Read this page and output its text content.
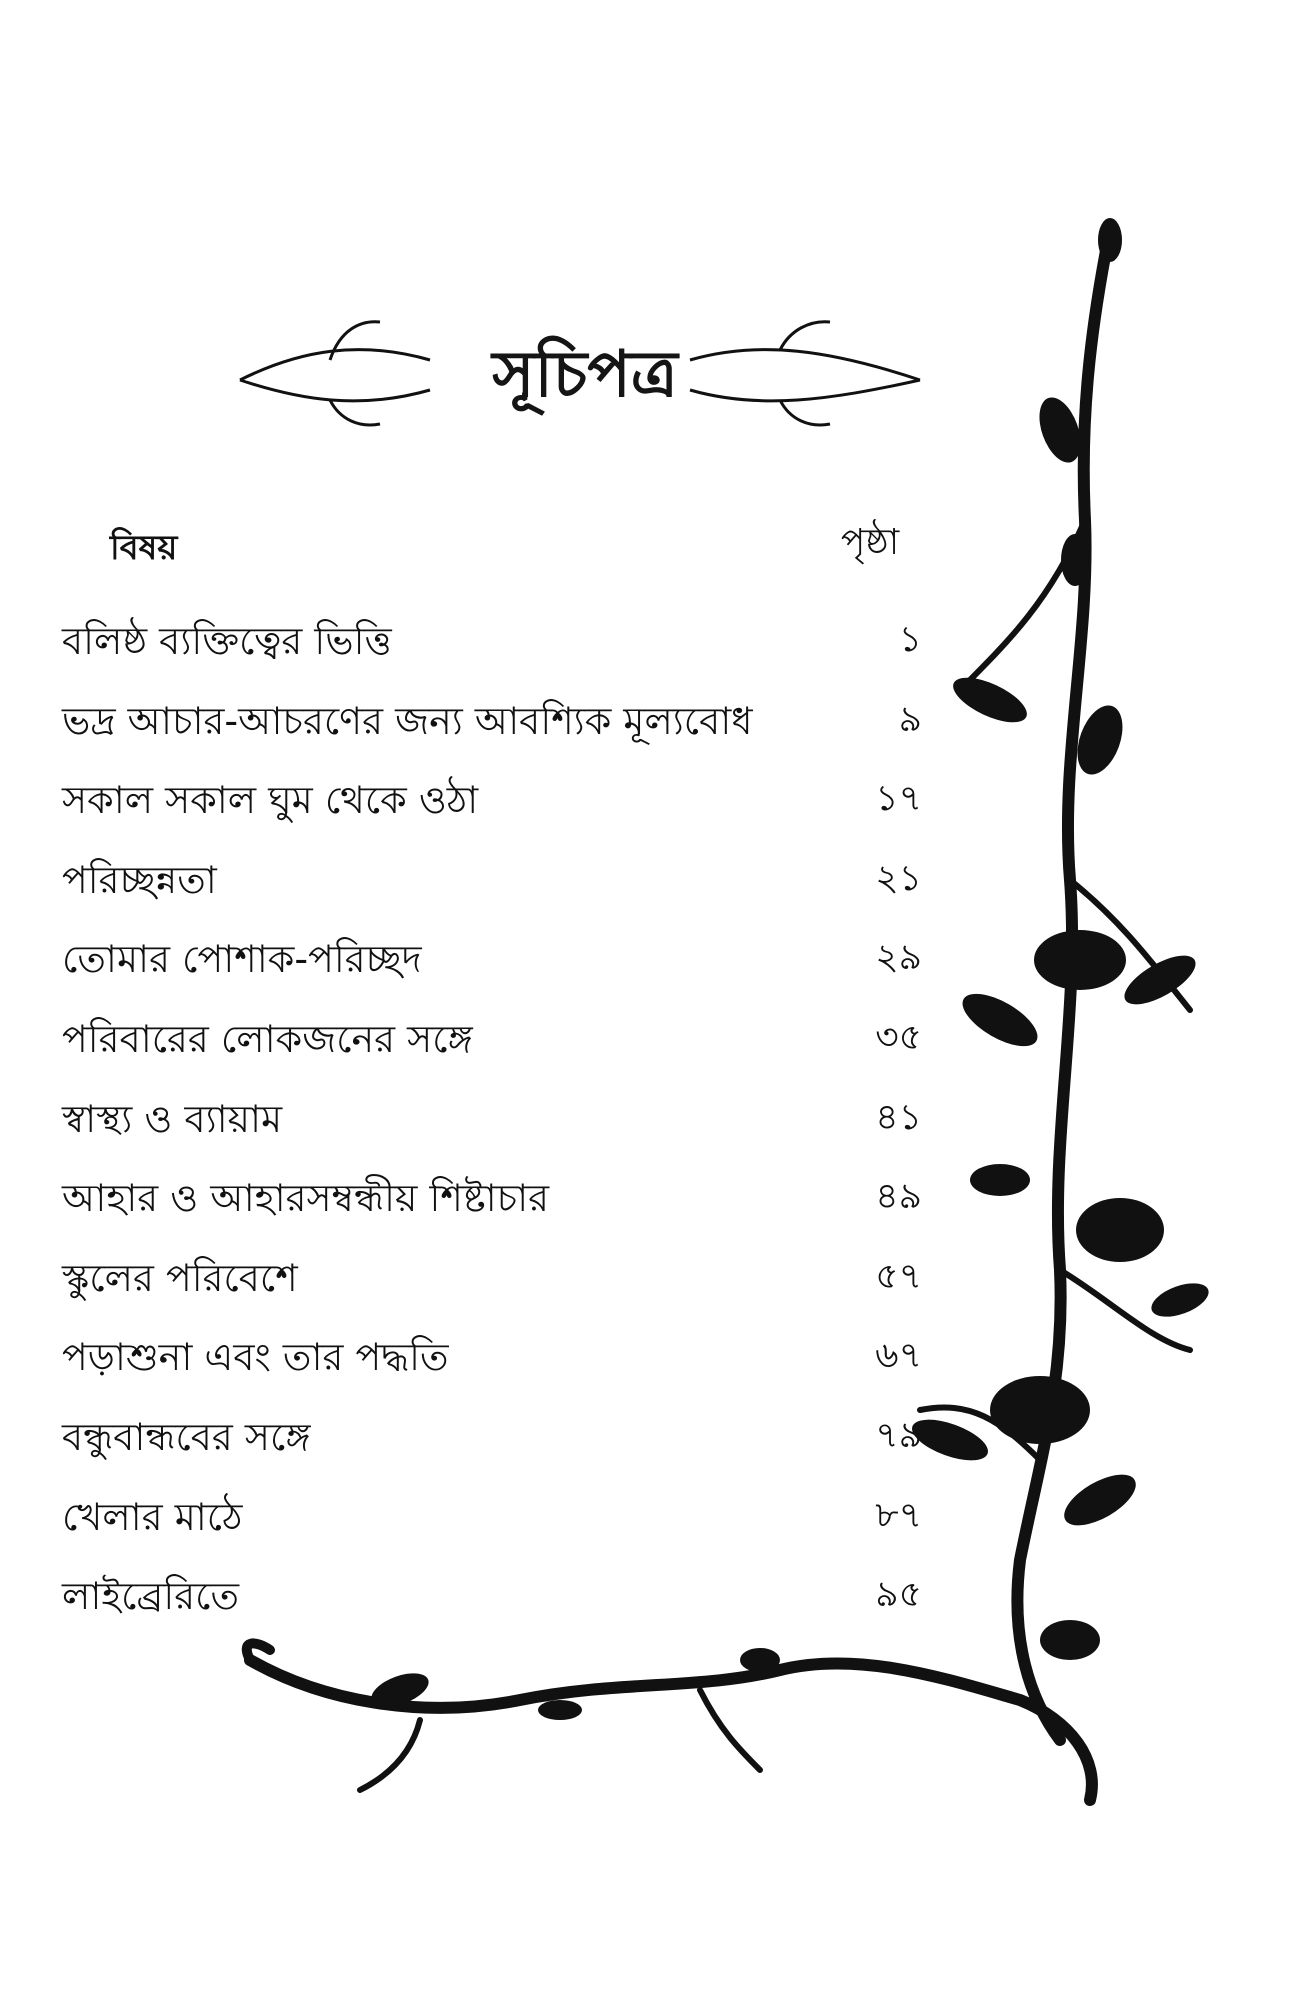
সূচিপত্র
বিষয়	পৃষ্ঠা
বলিষ্ঠ ব্যক্তিত্বের ভিত্তি	১
ভদ্র আচার-আচরণের জন্য আবশ্যিক মূল্যবোধ	৯
সকাল সকাল ঘুম থেকে ওঠা	১৭
পরিচ্ছন্নতা	২১
তোমার পোশাক-পরিচ্ছদ	২৯
পরিবারের লোকজনের সঙ্গে	৩৫
স্বাস্থ্য ও ব্যায়াম	৪১
আহার ও আহারসম্বন্ধীয় শিষ্টাচার	৪৯
স্কুলের পরিবেশে	৫৭
পড়াশুনা এবং তার পদ্ধতি	৬৭
বন্ধুবান্ধবের সঙ্গে	৭৯
খেলার মাঠে	৮৭
লাইব্রেরিতে	৯৫
